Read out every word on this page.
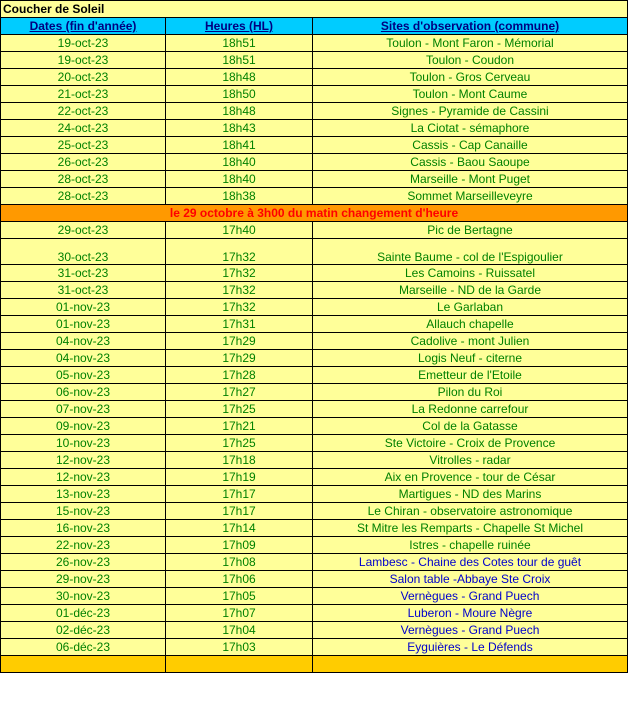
Coucher de Soleil		
Dates (fin d'année)	Heures (HL)	Sites d'observation (commune)
19-oct-23	18h51	Toulon - Mont Faron - Mémorial
19-oct-23	18h51	Toulon - Coudon
20-oct-23	18h48	Toulon - Gros Cerveau
21-oct-23	18h50	Toulon - Mont Caume
22-oct-23	18h48	Signes - Pyramide de Cassini
24-oct-23	18h43	La Ciotat - sémaphore
25-oct-23	18h41	Cassis - Cap Canaille
26-oct-23	18h40	Cassis - Baou Saoupe
28-oct-23	18h40	Marseille - Mont Puget
28-oct-23	18h38	Sommet Marseilleveyre
le 29 octobre à 3h00 du matin changement d'heure		
29-oct-23	17h40	Pic de Bertagne
30-oct-23	17h32	Sainte Baume - col de l'Espigoulier
31-oct-23	17h32	Les Camoins - Ruissatel
31-oct-23	17h32	Marseille - ND de la Garde
01-nov-23	17h32	Le Garlaban
01-nov-23	17h31	Allauch chapelle
04-nov-23	17h29	Cadolive - mont Julien
04-nov-23	17h29	Logis Neuf - citerne
05-nov-23	17h28	Emetteur de l'Etoile
06-nov-23	17h27	Pilon du Roi
07-nov-23	17h25	La Redonne carrefour
09-nov-23	17h21	Col de la Gatasse
10-nov-23	17h25	Ste Victoire - Croix de Provence
12-nov-23	17h18	Vitrolles - radar
12-nov-23	17h19	Aix en Provence - tour de César
13-nov-23	17h17	Martigues - ND des Marins
15-nov-23	17h17	Le Chiran - observatoire astronomique
16-nov-23	17h14	St Mitre les Remparts - Chapelle St Michel
22-nov-23	17h09	Istres - chapelle ruinée
26-nov-23	17h08	Lambesc - Chaine des Cotes tour de guêt
29-nov-23	17h06	Salon table -Abbaye Ste Croix
30-nov-23	17h05	Vernègues - Grand Puech
01-déc-23	17h07	Luberon - Moure Nègre
02-déc-23	17h04	Vernègues - Grand Puech
06-déc-23	17h03	Eyguières - Le Défends
